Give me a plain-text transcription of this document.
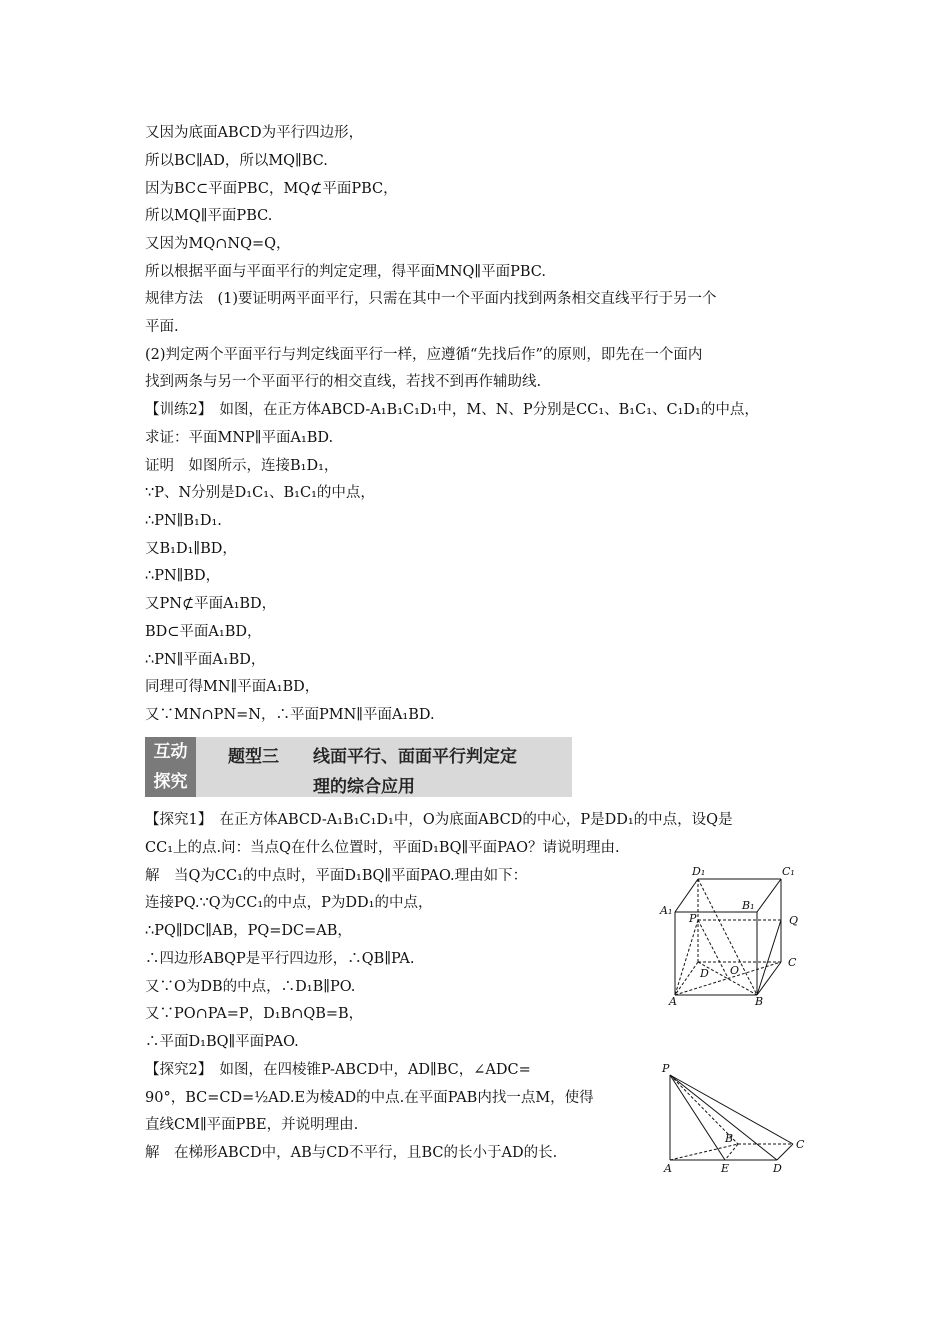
又因为底面ABCD为平行四边形，
所以BC∥AD，所以MQ∥BC.
因为BC⊂平面PBC，MQ⊄平面PBC，
所以MQ∥平面PBC.
又因为MQ∩NQ=Q，
所以根据平面与平面平行的判定定理，得平面MNQ∥平面PBC.
规律方法　(1)要证明两平面平行，只需在其中一个平面内找到两条相交直线平行于另一个
平面.
(2)判定两个平面平行与判定线面平行一样，应遵循“先找后作”的原则，即先在一个面内
找到两条与另一个平面平行的相交直线，若找不到再作辅助线.
【训练2】　如图，在正方体ABCD-A₁B₁C₁D₁中，M、N、P分别是CC₁、B₁C₁、C₁D₁的中点，
求证：平面MNP∥平面A₁BD.
证明　如图所示，连接B₁D₁，
∵P、N分别是D₁C₁、B₁C₁的中点，
∴PN∥B₁D₁.
又B₁D₁∥BD，
∴PN∥BD，
又PN⊄平面A₁BD，
BD⊂平面A₁BD，
∴PN∥平面A₁BD，
同理可得MN∥平面A₁BD，
又∵MN∩PN=N，∴平面PMN∥平面A₁BD.
互动
探究
题型三 线面平行、面面平行判定定
理的综合应用
【探究1】　在正方体ABCD-A₁B₁C₁D₁中，O为底面ABCD的中心，P是DD₁的中点，设Q是
CC₁上的点.问：当点Q在什么位置时，平面D₁BQ∥平面PAO？请说明理由.
解　当Q为CC₁的中点时，平面D₁BQ∥平面PAO.理由如下：
连接PQ.∵Q为CC₁的中点，P为DD₁的中点，
∴PQ∥DC∥AB，PQ=DC=AB，
∴四边形ABQP是平行四边形，∴QB∥PA.
又∵O为DB的中点，∴D₁B∥PO.
又∵PO∩PA=P，D₁B∩QB=B，
∴平面D₁BQ∥平面PAO.
【探究2】　如图，在四棱锥P-ABCD中，AD∥BC，∠ADC=
90°，BC=CD=½AD.E为棱AD的中点.在平面PAB内找一点M，使得
直线CM∥平面PBE，并说明理由.
解　在梯形ABCD中，AB与CD不平行，且BC的长小于AD的长.
D₁	C₁
A₁	B₁
P	Q
D O
C
A	B
P
B	C
A	E	D
